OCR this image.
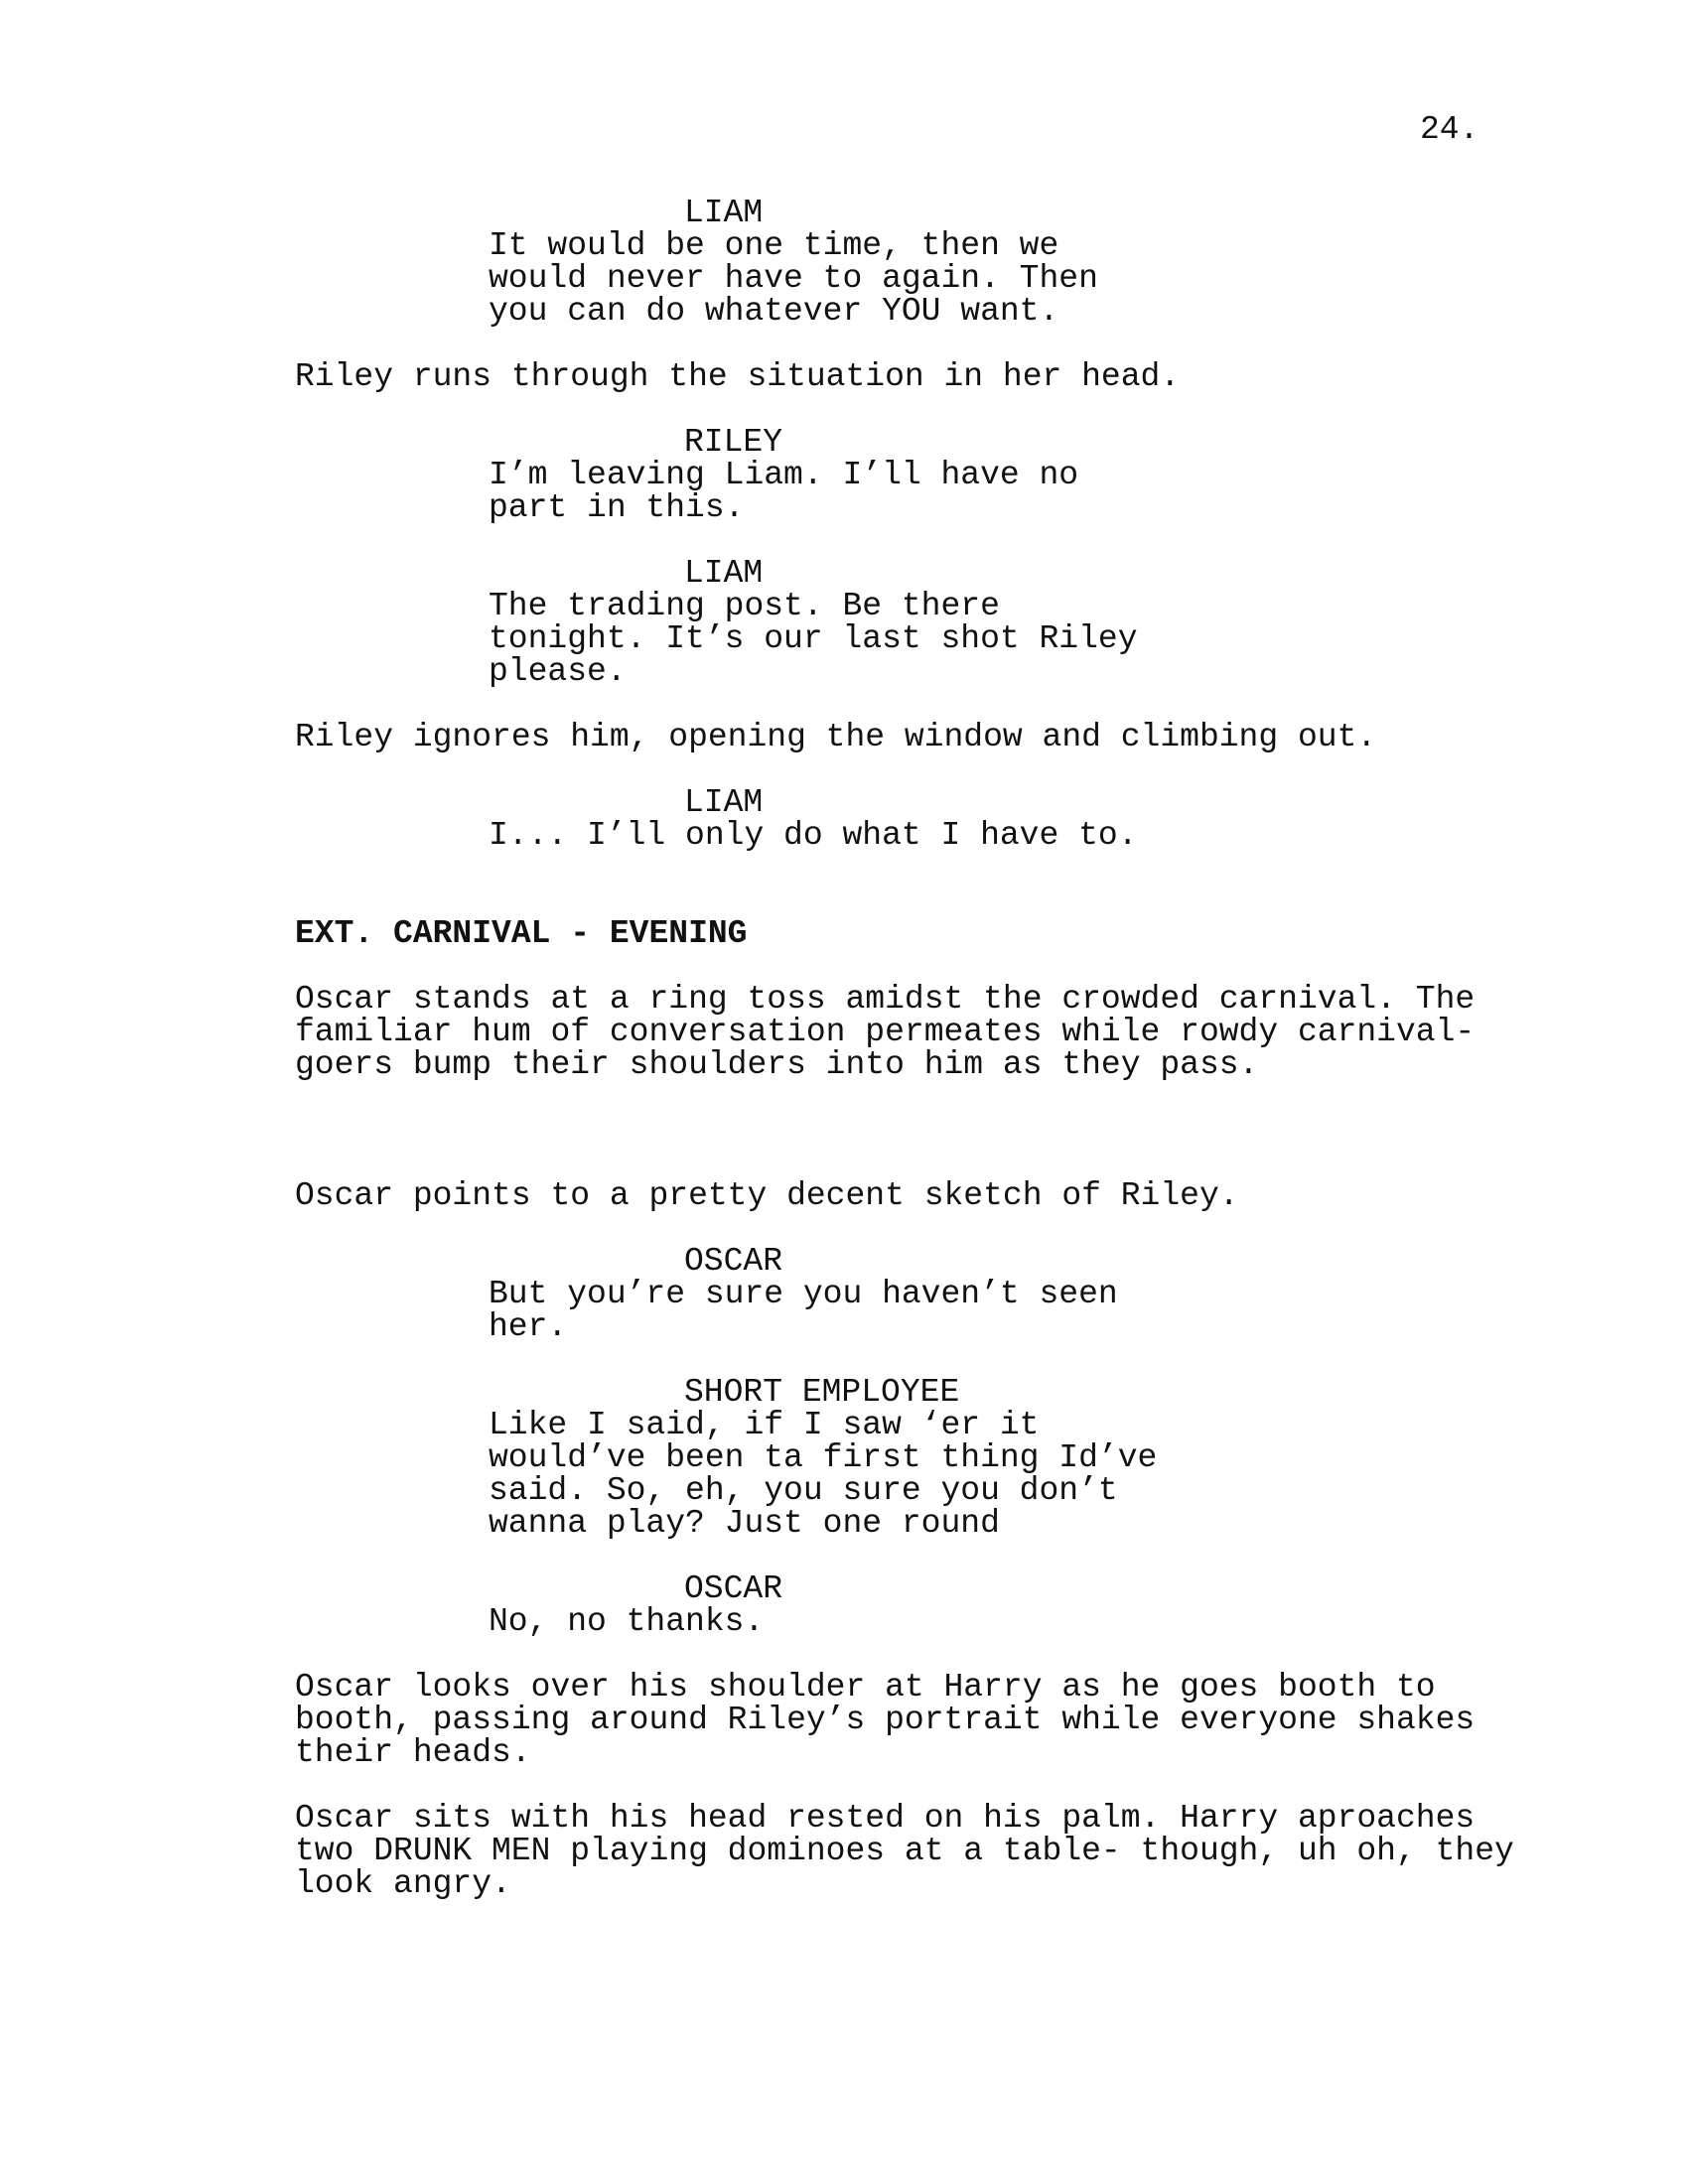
24.
LIAM
It would be one time, then we
would never have to again. Then
you can do whatever YOU want.
Riley runs through the situation in her head.
RILEY
I’m leaving Liam. I’ll have no
part in this.
LIAM
The trading post. Be there
tonight. It’s our last shot Riley
please.
Riley ignores him, opening the window and climbing out.
LIAM
I... I’ll only do what I have to.
EXT. CARNIVAL - EVENING
Oscar stands at a ring toss amidst the crowded carnival. The
familiar hum of conversation permeates while rowdy carnival-
goers bump their shoulders into him as they pass.
Oscar points to a pretty decent sketch of Riley.
OSCAR
But you’re sure you haven’t seen
her.
SHORT EMPLOYEE
Like I said, if I saw ‘er it
would’ve been ta first thing Id’ve
said. So, eh, you sure you don’t
wanna play? Just one round
OSCAR
No, no thanks.
Oscar looks over his shoulder at Harry as he goes booth to
booth, passing around Riley’s portrait while everyone shakes
their heads.
Oscar sits with his head rested on his palm. Harry aproaches
two DRUNK MEN playing dominoes at a table- though, uh oh, they
look angry.
